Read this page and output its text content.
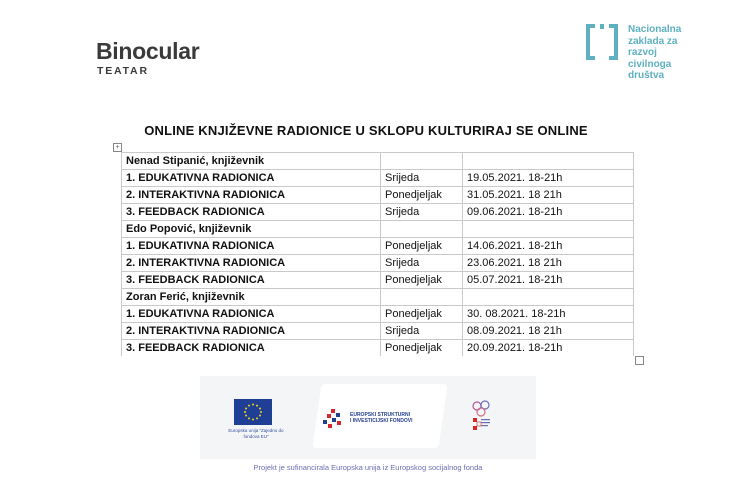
Binocular
TEATAR
Nacionalna
zaklada za
razvoj
civilnoga
društva
ONLINE KNJIŽEVNE RADIONICE U SKLOPU KULTURIRAJ SE ONLINE
+
Nenad Stipanić, književnik		
1. EDUKATIVNA RADIONICA	Srijeda	19.05.2021. 18-21h
2. INTERAKTIVNA RADIONICA	Ponedjeljak	31.05.2021. 18 21h
3. FEEDBACK RADIONICA	Srijeda	09.06.2021. 18-21h
Edo Popović, književnik		
1. EDUKATIVNA RADIONICA	Ponedjeljak	14.06.2021. 18-21h
2. INTERAKTIVNA RADIONICA	Srijeda	23.06.2021. 18 21h
3. FEEDBACK RADIONICA	Ponedjeljak	05.07.2021. 18-21h
Zoran Ferić, književnik		
1. EDUKATIVNA RADIONICA	Ponedjeljak	30. 08.2021. 18-21h
2. INTERAKTIVNA RADIONICA	Srijeda	08.09.2021. 18 21h
3. FEEDBACK RADIONICA	Ponedjeljak	20.09.2021. 18-21h
Europska unija "Zajedno do fondova EU"
EUROPSKI STRUKTURNI
I INVESTICIJSKI FONDOVI
Projekt je sufinancirala Europska unija iz Europskog socijalnog fonda
